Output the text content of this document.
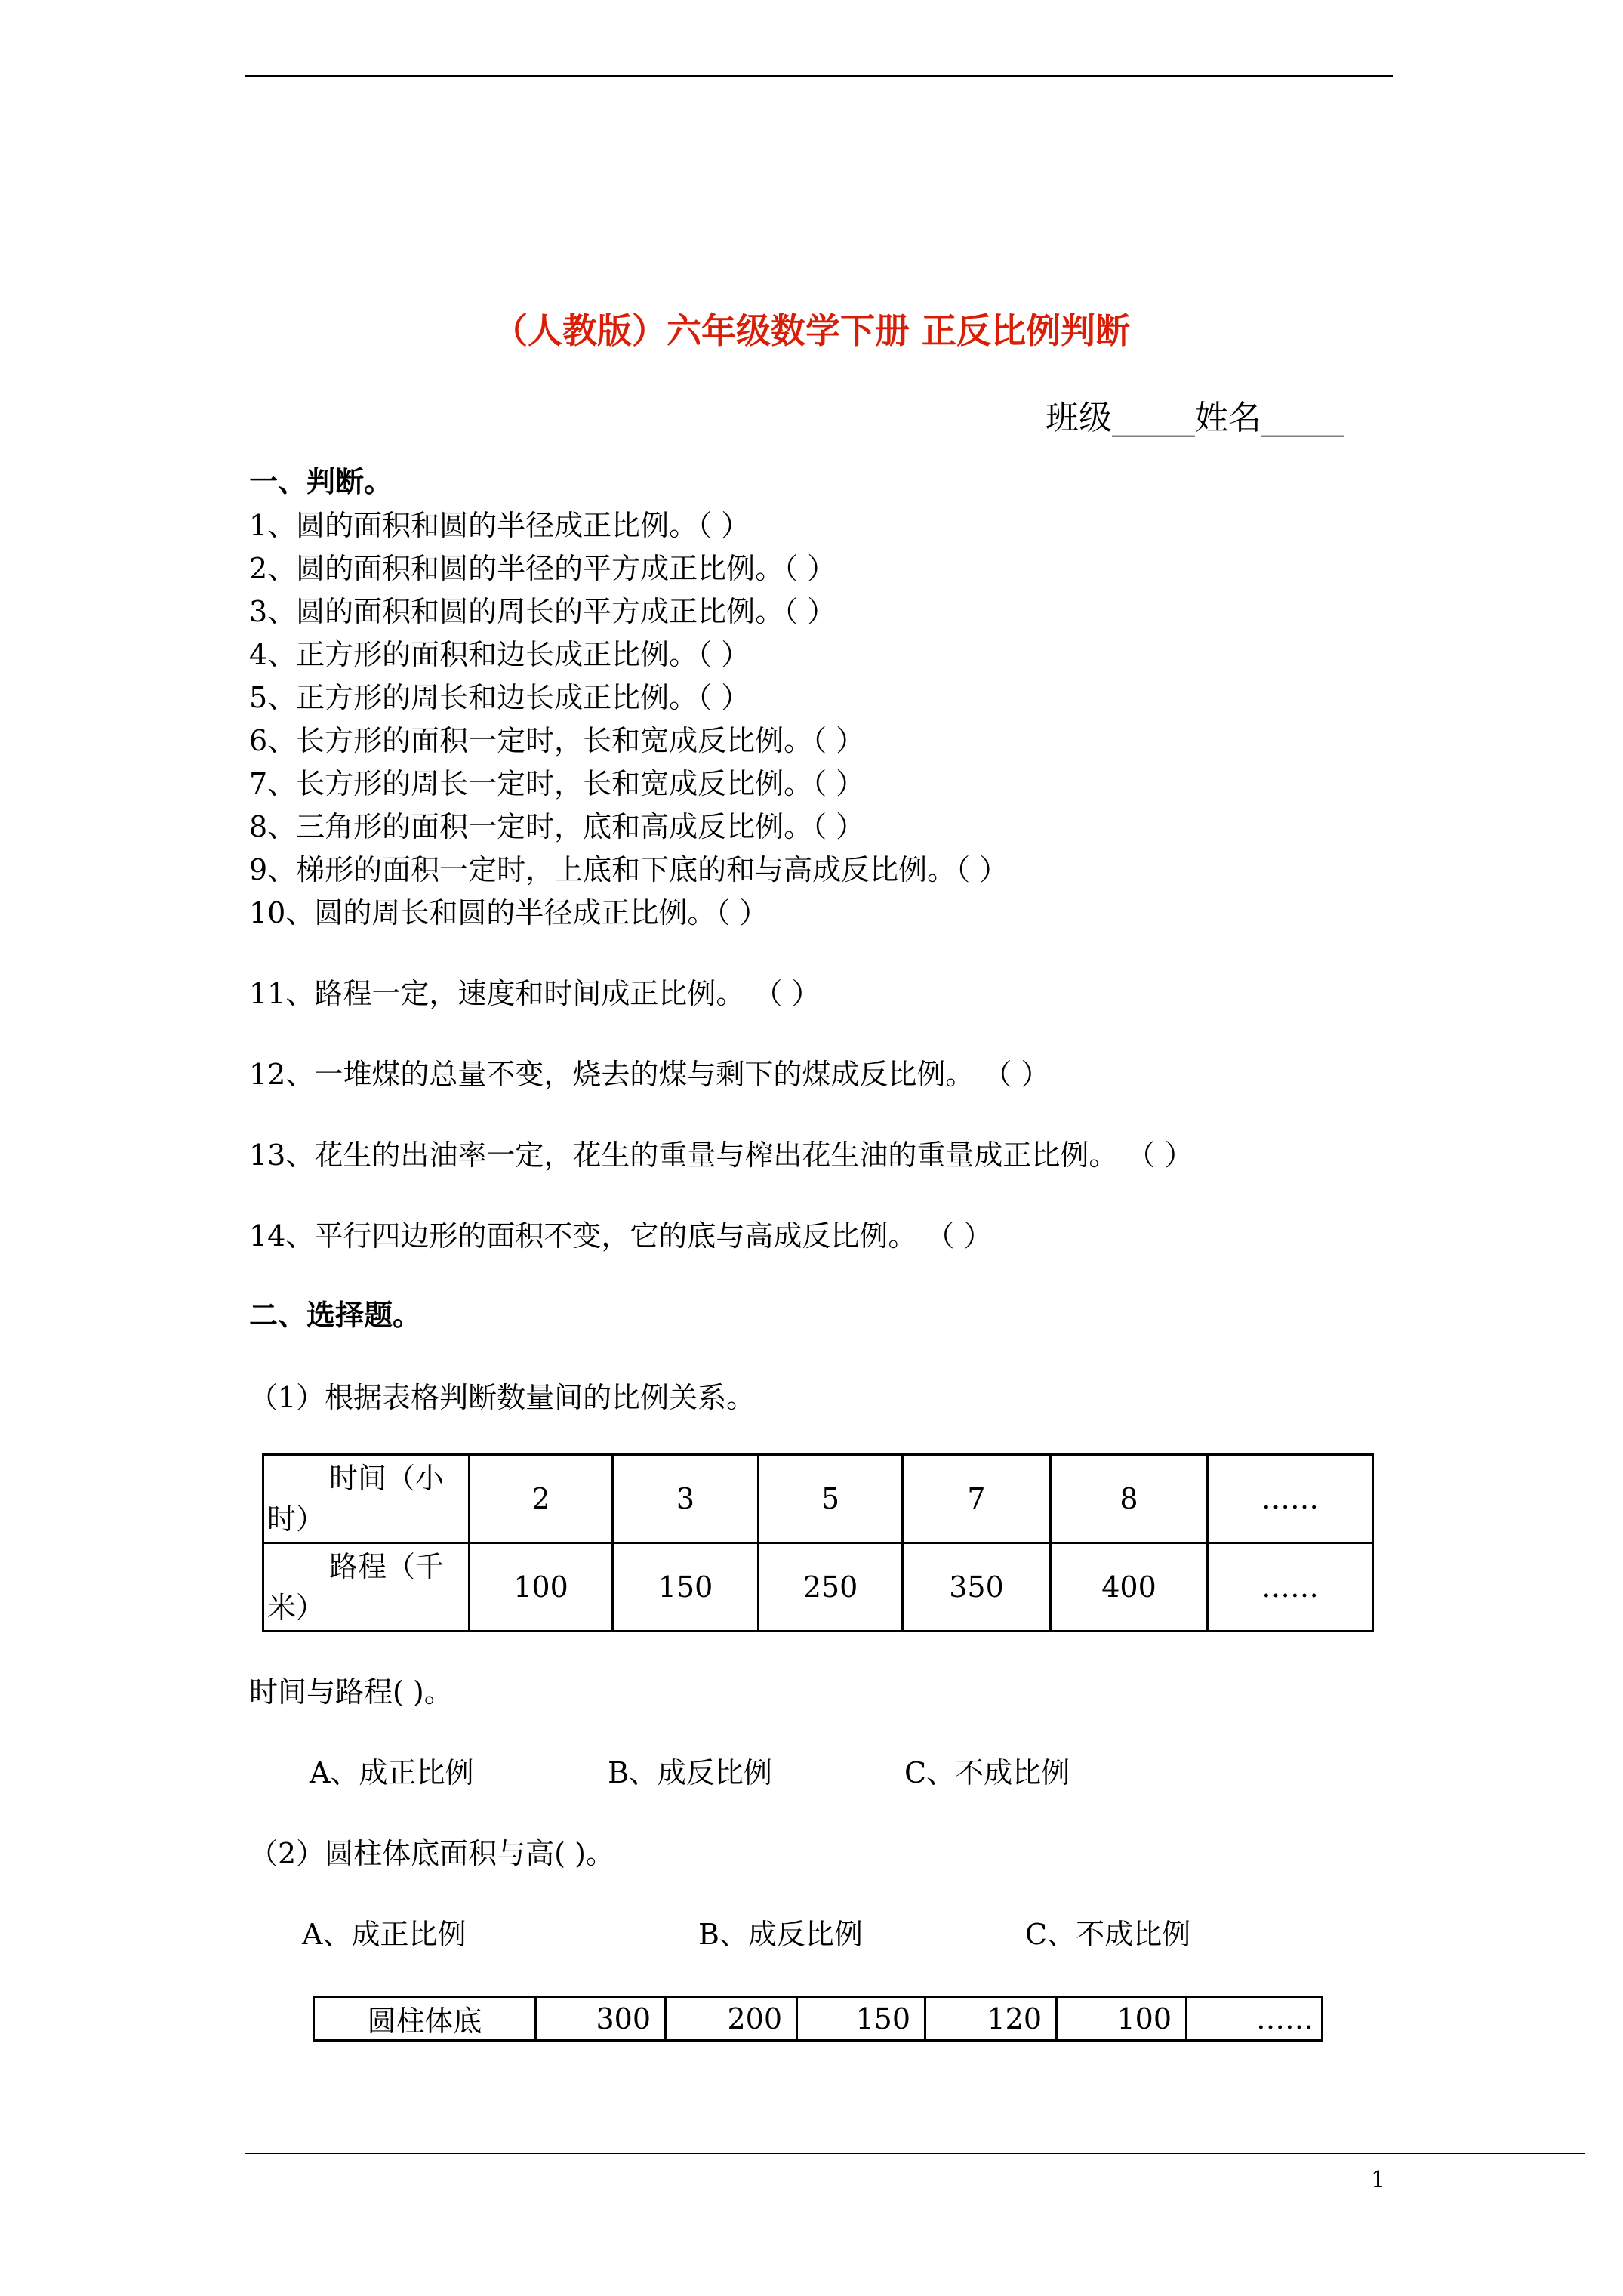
（人教版）六年级数学下册 正反比例判断
班级_____姓名_____
一、判断。
1、圆的面积和圆的半径成正比例。（ ）
2、圆的面积和圆的半径的平方成正比例。（ ）
3、圆的面积和圆的周长的平方成正比例。（ ）
4、正方形的面积和边长成正比例。（ ）
5、正方形的周长和边长成正比例。（ ）
6、长方形的面积一定时，长和宽成反比例。（ ）
7、长方形的周长一定时，长和宽成反比例。（ ）
8、三角形的面积一定时，底和高成反比例。（ ）
9、梯形的面积一定时，上底和下底的和与高成反比例。（ ）
10、圆的周长和圆的半径成正比例。（ ）
11、路程一定，速度和时间成正比例。 （ ）
12、一堆煤的总量不变，烧去的煤与剩下的煤成反比例。 （ ）
13、花生的出油率一定，花生的重量与榨出花生油的重量成正比例。 （ ）
14、平行四边形的面积不变，它的底与高成反比例。 （ ）
二、选择题。
（1）根据表格判断数量间的比例关系。
时间（小
时）	2	3	5	7	8	……

路程（千
米）	100	150	250	350	400	……
时间与路程( )。
A、成正比例	B、成反比例	C、不成比例
（2）圆柱体底面积与高( )。
A、成正比例	B、成反比例	C、不成比例
圆柱体底	300	200	150	120	100	……
1
